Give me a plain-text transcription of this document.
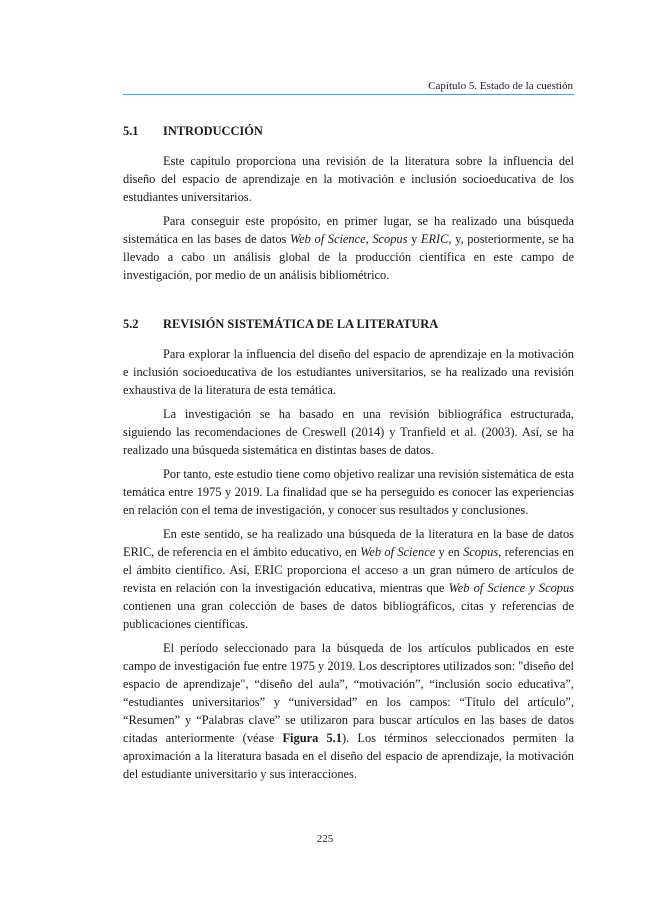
Capítulo 5. Estado de la cuestión
5.1	INTRODUCCIÓN

Este capítulo proporciona una revisión de la literatura sobre la influencia del diseño del espacio de aprendizaje en la motivación e inclusión socioeducativa de los estudiantes universitarios.

Para conseguir este propósito, en primer lugar, se ha realizado una búsqueda sistemática en las bases de datos Web of Science, Scopus y ERIC, y, posteriormente, se ha llevado a cabo un análisis global de la producción científica en este campo de investigación, por medio de un análisis bibliométrico.

5.2	REVISIÓN SISTEMÁTICA DE LA LITERATURA

Para explorar la influencia del diseño del espacio de aprendizaje en la motivación e inclusión socioeducativa de los estudiantes universitarios, se ha realizado una revisión exhaustiva de la literatura de esta temática.

La investigación se ha basado en una revisión bibliográfica estructurada, siguiendo las recomendaciones de Creswell (2014) y Tranfield et al. (2003). Así, se ha realizado una búsqueda sistemática en distintas bases de datos.

Por tanto, este estudio tiene como objetivo realizar una revisión sistemática de esta temática entre 1975 y 2019. La finalidad que se ha perseguido es conocer las experiencias en relación con el tema de investigación, y conocer sus resultados y conclusiones.

En este sentido, se ha realizado una búsqueda de la literatura en la base de datos ERIC, de referencia en el ámbito educativo, en Web of Science y en Scopus, referencias en el ámbito científico. Así, ERIC proporciona el acceso a un gran número de artículos de revista en relación con la investigación educativa, mientras que Web of Science y Scopus contienen una gran colección de bases de datos bibliográficos, citas y referencias de publicaciones científicas.

El período seleccionado para la búsqueda de los artículos publicados en este campo de investigación fue entre 1975 y 2019. Los descriptores utilizados son: "diseño del espacio de aprendizaje", “diseño del aula”, “motivación”, “inclusión socio educativa”, “estudiantes universitarios” y “universidad” en los campos: “Título del artículo”, “Resumen” y “Palabras clave” se utilizaron para buscar artículos en las bases de datos citadas anteriormente (véase Figura 5.1). Los términos seleccionados permiten la aproximación a la literatura basada en el diseño del espacio de aprendizaje, la motivación del estudiante universitario y sus interacciones.

225
